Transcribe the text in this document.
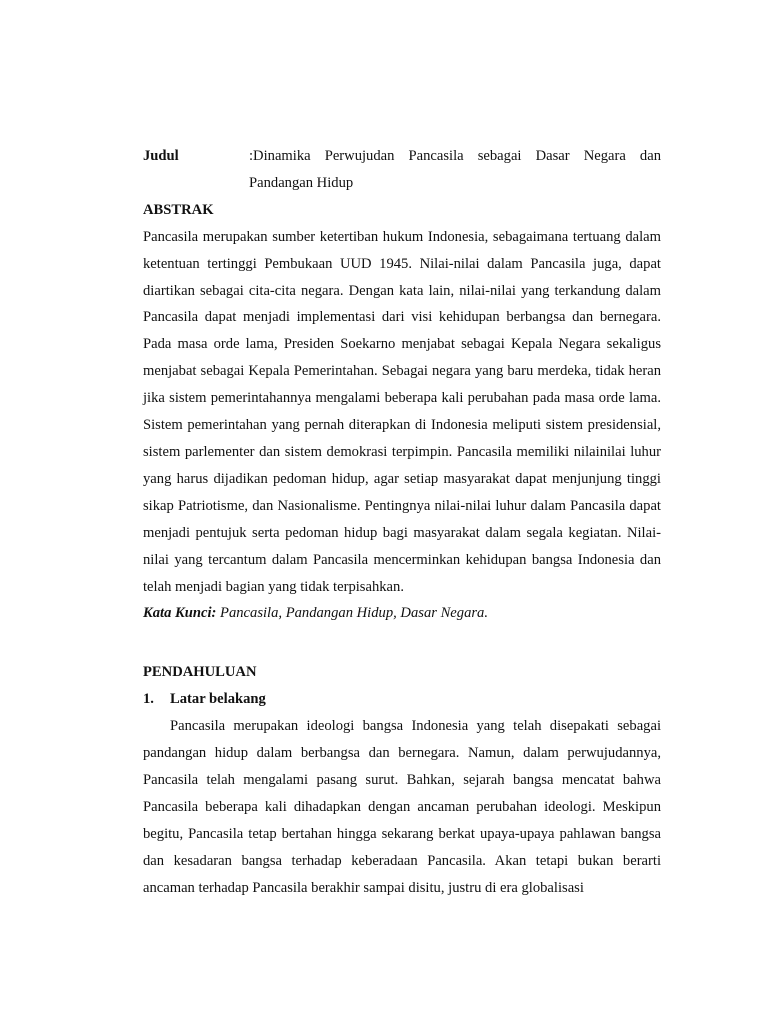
Judul	:Dinamika Perwujudan Pancasila sebagai Dasar Negara dan Pandangan Hidup

ABSTRAK

Pancasila merupakan sumber ketertiban hukum Indonesia, sebagaimana tertuang dalam ketentuan tertinggi Pembukaan UUD 1945. Nilai-nilai dalam Pancasila juga, dapat diartikan sebagai cita-cita negara. Dengan kata lain, nilai-nilai yang terkandung dalam Pancasila dapat menjadi implementasi dari visi kehidupan berbangsa dan bernegara. Pada masa orde lama, Presiden Soekarno menjabat sebagai Kepala Negara sekaligus menjabat sebagai Kepala Pemerintahan. Sebagai negara yang baru merdeka, tidak heran jika sistem pemerintahannya mengalami beberapa kali perubahan pada masa orde lama. Sistem pemerintahan yang pernah diterapkan di Indonesia meliputi sistem presidensial, sistem parlementer dan sistem demokrasi terpimpin. Pancasila memiliki nilainilai luhur yang harus dijadikan pedoman hidup, agar setiap masyarakat dapat menjunjung tinggi sikap Patriotisme, dan Nasionalisme. Pentingnya nilai-nilai luhur dalam Pancasila dapat menjadi pentujuk serta pedoman hidup bagi masyarakat dalam segala kegiatan. Nilai-nilai yang tercantum dalam Pancasila mencerminkan kehidupan bangsa Indonesia dan telah menjadi bagian yang tidak terpisahkan.

Kata Kunci: Pancasila, Pandangan Hidup, Dasar Negara.

PENDAHULUAN

1.	Latar belakang

Pancasila merupakan ideologi bangsa Indonesia yang telah disepakati sebagai pandangan hidup dalam berbangsa dan bernegara. Namun, dalam perwujudannya, Pancasila telah mengalami pasang surut. Bahkan, sejarah bangsa mencatat bahwa Pancasila beberapa kali dihadapkan dengan ancaman perubahan ideologi. Meskipun begitu, Pancasila tetap bertahan hingga sekarang berkat upaya-upaya pahlawan bangsa dan kesadaran bangsa terhadap keberadaan Pancasila. Akan tetapi bukan berarti ancaman terhadap Pancasila berakhir sampai disitu, justru di era globalisasi
